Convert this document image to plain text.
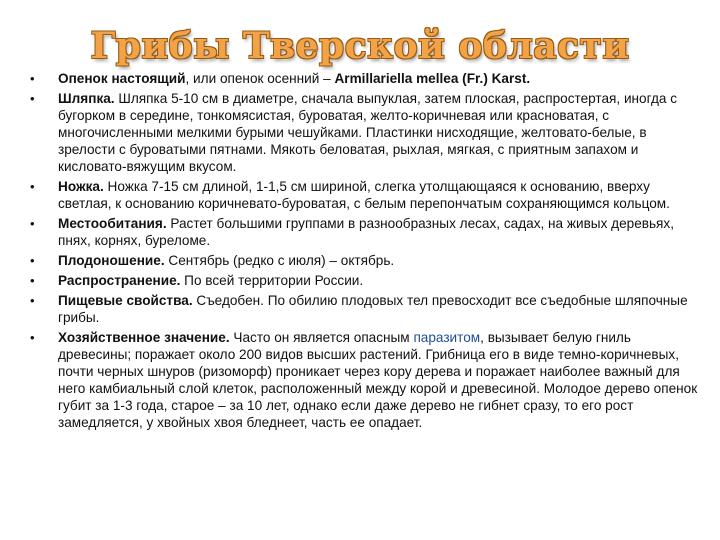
Грибы Тверской области
• Опенок настоящий, или опенок осенний – Armillariella mellea (Fr.) Karst.
• Шляпка. Шляпка 5-10 см в диаметре, сначала выпуклая, затем плоская, распростертая, иногда с бугорком в середине, тонкомясистая, буроватая, желто-коричневая или красноватая, с многочисленными мелкими бурыми чешуйками. Пластинки нисходящие, желтовато-белые, в зрелости с буроватыми пятнами. Мякоть беловатая, рыхлая, мягкая, с приятным запахом и кисловато-вяжущим вкусом.
• Ножка. Ножка 7-15 см длиной, 1-1,5 см шириной, слегка утолщающаяся к основанию, вверху светлая, к основанию коричневато-буроватая, с белым перепончатым сохраняющимся кольцом.
• Местообитания. Растет большими группами в разнообразных лесах, садах, на живых деревьях, пнях, корнях, буреломе.
• Плодоношение. Сентябрь (редко с июля) – октябрь.
• Распространение. По всей территории России.
• Пищевые свойства. Съедобен. По обилию плодовых тел превосходит все съедобные шляпочные грибы.
• Хозяйственное значение. Часто он является опасным паразитом, вызывает белую гниль древесины; поражает около 200 видов высших растений. Грибница его в виде темно-коричневых, почти черных шнуров (ризоморф) проникает через кору дерева и поражает наиболее важный для него камбиальный слой клеток, расположенный между корой и древесиной. Молодое дерево опенок губит за 1-3 года, старое – за 10 лет, однако если даже дерево не гибнет сразу, то его рост замедляется, у хвойных хвоя бледнеет, часть ее опадает.
